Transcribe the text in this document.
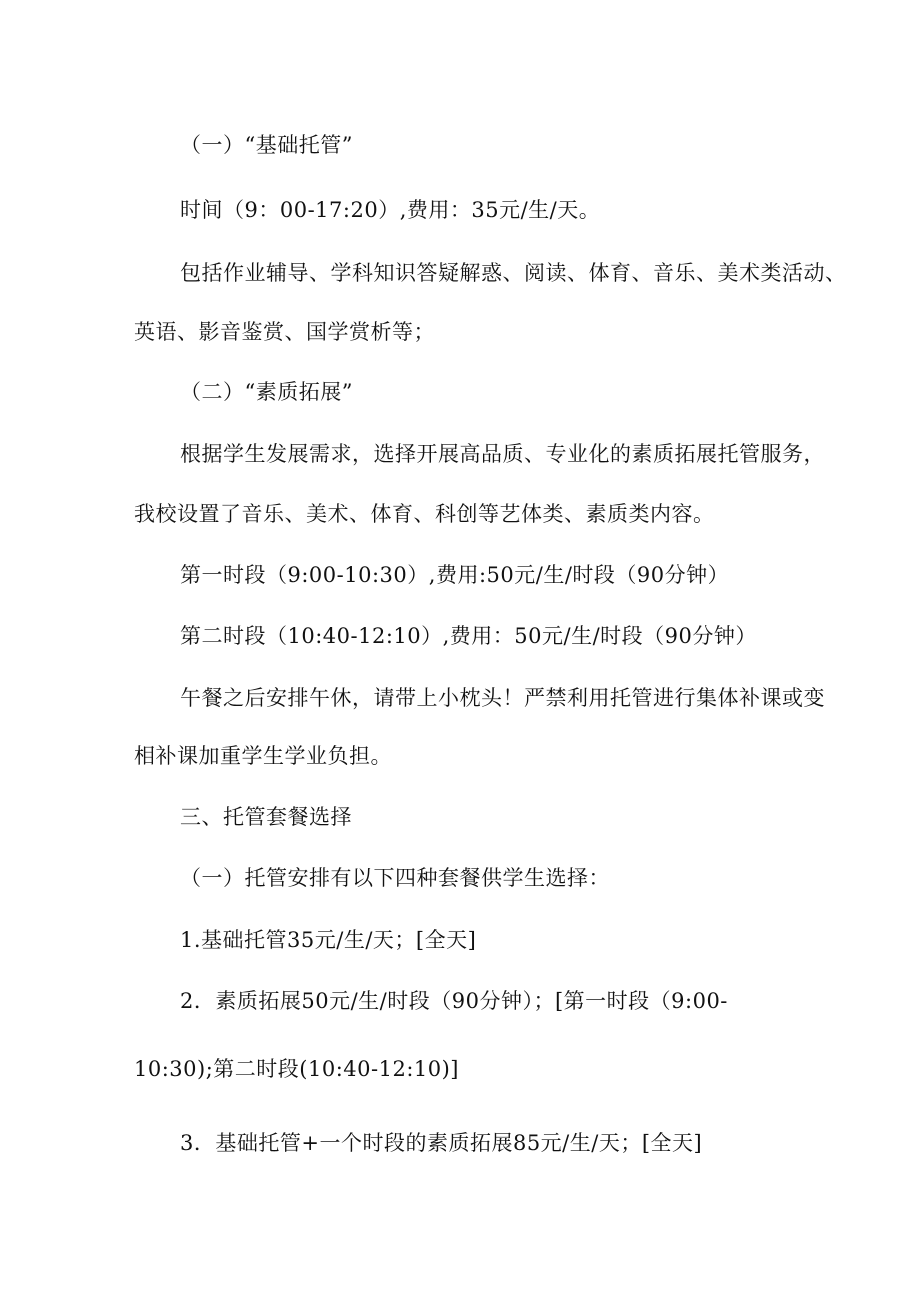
（一）“基础托管”
时间（9：00-17:20）,费用：35元/生/天。
包括作业辅导、学科知识答疑解惑、阅读、体育、音乐、美术类活动、
英语、影音鉴赏、国学赏析等；
（二）“素质拓展”
根据学生发展需求，选择开展高品质、专业化的素质拓展托管服务，
我校设置了音乐、美术、体育、科创等艺体类、素质类内容。
第一时段（9:00-10:30）,费用:50元/生/时段（90分钟）
第二时段（10:40-12:10）,费用：50元/生/时段（90分钟）
午餐之后安排午休，请带上小枕头！严禁利用托管进行集体补课或变
相补课加重学生学业负担。
三、托管套餐选择
（一）托管安排有以下四种套餐供学生选择：
1.基础托管35元/生/天；[全天]
2．素质拓展50元/生/时段（90分钟）；[第一时段（9:00-
10:30);第二时段(10:40-12:10)]
3．基础托管+一个时段的素质拓展85元/生/天；[全天]
